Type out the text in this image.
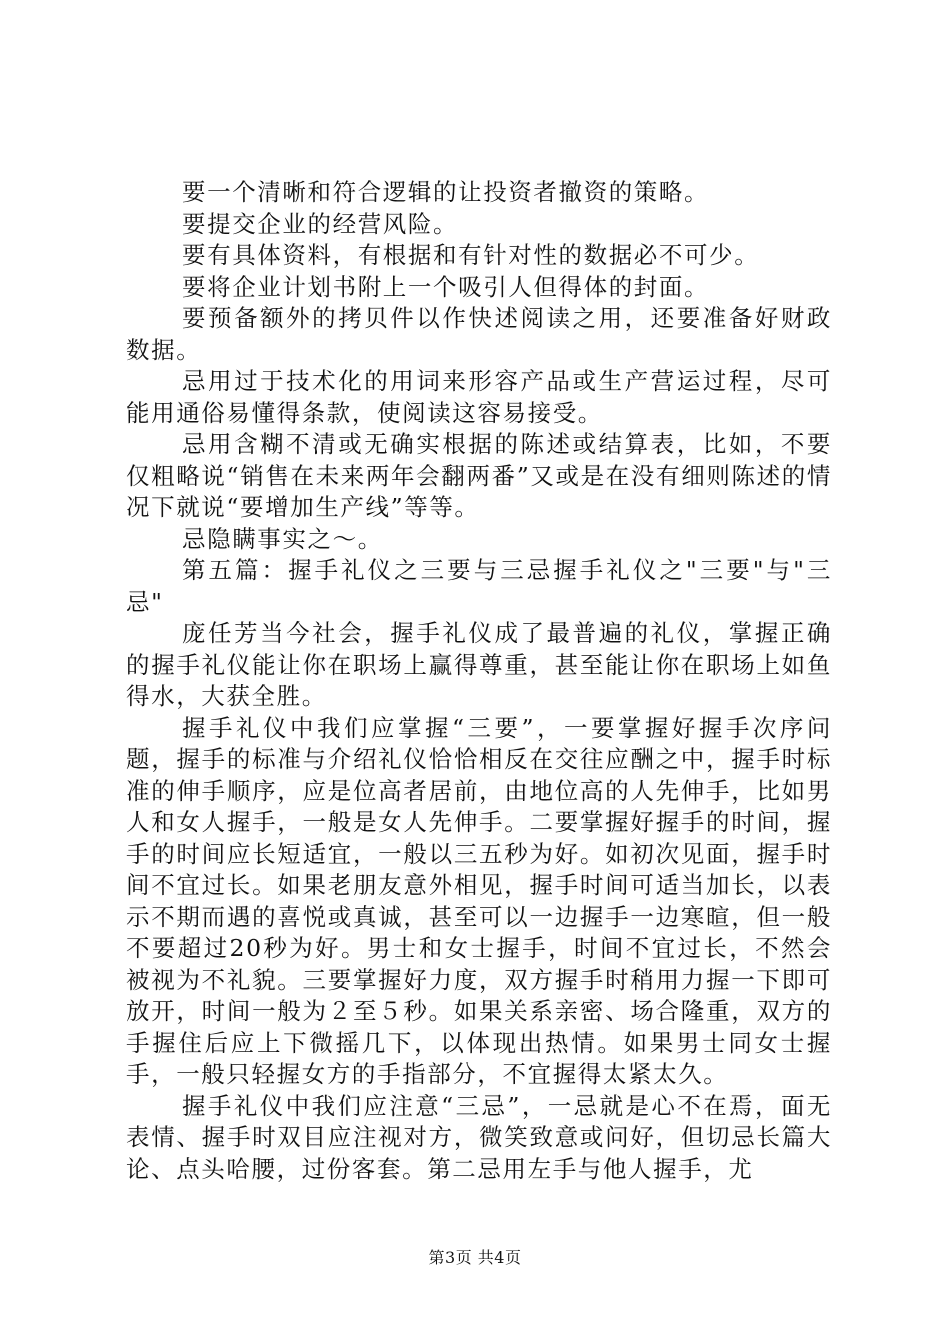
要一个清晰和符合逻辑的让投资者撤资的策略。

要提交企业的经营风险。

要有具体资料，有根据和有针对性的数据必不可少。

要将企业计划书附上一个吸引人但得体的封面。

要预备额外的拷贝件以作快述阅读之用，还要准备好财政数据。

忌用过于技术化的用词来形容产品或生产营运过程，尽可能用通俗易懂得条款，使阅读这容易接受。

忌用含糊不清或无确实根据的陈述或结算表，比如，不要仅粗略说“销售在未来两年会翻两番”又或是在没有细则陈述的情况下就说“要增加生产线”等等。

忌隐瞒事实之～。

第五篇：握手礼仪之三要与三忌握手礼仪之"三要"与"三忌"

庞任芳当今社会，握手礼仪成了最普遍的礼仪，掌握正确的握手礼仪能让你在职场上赢得尊重，甚至能让你在职场上如鱼得水，大获全胜。

握手礼仪中我们应掌握“三要”，一要掌握好握手次序问题，握手的标准与介绍礼仪恰恰相反在交往应酬之中，握手时标准的伸手顺序，应是位高者居前，由地位高的人先伸手，比如男人和女人握手，一般是女人先伸手。二要掌握好握手的时间，握手的时间应长短适宜，一般以三五秒为好。如初次见面，握手时间不宜过长。如果老朋友意外相见，握手时间可适当加长，以表示不期而遇的喜悦或真诚，甚至可以一边握手一边寒暄，但一般不要超过20秒为好。男士和女士握手，时间不宜过长，不然会被视为不礼貌。三要掌握好力度，双方握手时稍用力握一下即可放开，时间一般为２至５秒。如果关系亲密、场合隆重，双方的手握住后应上下微摇几下，以体现出热情。如果男士同女士握手，一般只轻握女方的手指部分，不宜握得太紧太久。

握手礼仪中我们应注意“三忌”，一忌就是心不在焉，面无表情、握手时双目应注视对方，微笑致意或问好，但切忌长篇大论、点头哈腰，过份客套。第二忌用左手与他人握手，尤

第3页 共4页
